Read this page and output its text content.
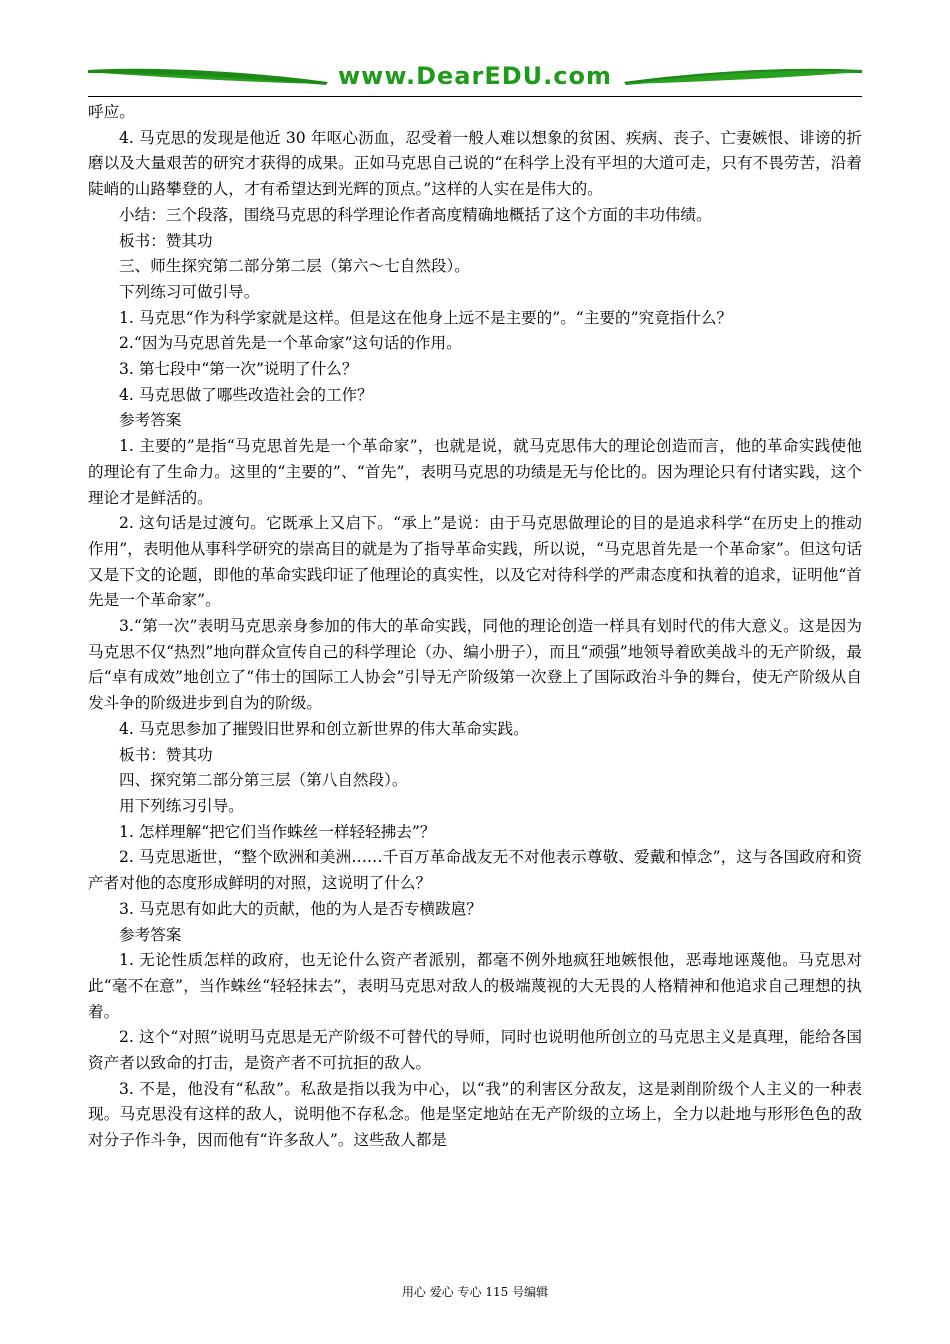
www.DearEDU.com

呼应。

4. 马克思的发现是他近 30 年呕心沥血，忍受着一般人难以想象的贫困、疾病、丧子、亡妻嫉恨、诽谤的折磨以及大量艰苦的研究才获得的成果。正如马克思自己说的“在科学上没有平坦的大道可走，只有不畏劳苦，沿着陡峭的山路攀登的人，才有希望达到光辉的顶点。”这样的人实在是伟大的。

小结：三个段落，围绕马克思的科学理论作者高度精确地概括了这个方面的丰功伟绩。

板书：赞其功

三、师生探究第二部分第二层（第六～七自然段）。

下列练习可做引导。

1. 马克思“作为科学家就是这样。但是这在他身上远不是主要的”。“主要的”究竟指什么？

2.“因为马克思首先是一个革命家”这句话的作用。

3. 第七段中“第一次”说明了什么？

4. 马克思做了哪些改造社会的工作？

参考答案

1. 主要的”是指“马克思首先是一个革命家”，也就是说，就马克思伟大的理论创造而言，他的革命实践使他的理论有了生命力。这里的“主要的”、“首先”，表明马克思的功绩是无与伦比的。因为理论只有付诸实践，这个理论才是鲜活的。

2. 这句话是过渡句。它既承上又启下。“承上”是说：由于马克思做理论的目的是追求科学“在历史上的推动作用”，表明他从事科学研究的崇高目的就是为了指导革命实践，所以说，“马克思首先是一个革命家”。但这句话又是下文的论题，即他的革命实践印证了他理论的真实性，以及它对待科学的严肃态度和执着的追求，证明他“首先是一个革命家”。

3.“第一次”表明马克思亲身参加的伟大的革命实践，同他的理论创造一样具有划时代的伟大意义。这是因为马克思不仅“热烈”地向群众宣传自己的科学理论（办、编小册子），而且“顽强”地领导着欧美战斗的无产阶级，最后“卓有成效”地创立了“伟士的国际工人协会”引导无产阶级第一次登上了国际政治斗争的舞台，使无产阶级从自发斗争的阶级进步到自为的阶级。

4. 马克思参加了摧毁旧世界和创立新世界的伟大革命实践。

板书：赞其功

四、探究第二部分第三层（第八自然段）。

用下列练习引导。

1. 怎样理解“把它们当作蛛丝一样轻轻拂去”？

2. 马克思逝世，“整个欧洲和美洲……千百万革命战友无不对他表示尊敬、爱戴和悼念”，这与各国政府和资产者对他的态度形成鲜明的对照，这说明了什么？

3. 马克思有如此大的贡献，他的为人是否专横跋扈？

参考答案

1. 无论性质怎样的政府，也无论什么资产者派别，都毫不例外地疯狂地嫉恨他，恶毒地诬蔑他。马克思对此“毫不在意”，当作蛛丝“轻轻抹去”，表明马克思对敌人的极端蔑视的大无畏的人格精神和他追求自己理想的执着。

2. 这个“对照”说明马克思是无产阶级不可替代的导师，同时也说明他所创立的马克思主义是真理，能给各国资产者以致命的打击，是资产者不可抗拒的敌人。

3. 不是，他没有“私敌”。私敌是指以我为中心，以“我”的利害区分敌友，这是剥削阶级个人主义的一种表现。马克思没有这样的敌人，说明他不存私念。他是坚定地站在无产阶级的立场上，全力以赴地与形形色色的敌对分子作斗争，因而他有“许多敌人”。这些敌人都是

用心 爱心 专心 115 号编辑
